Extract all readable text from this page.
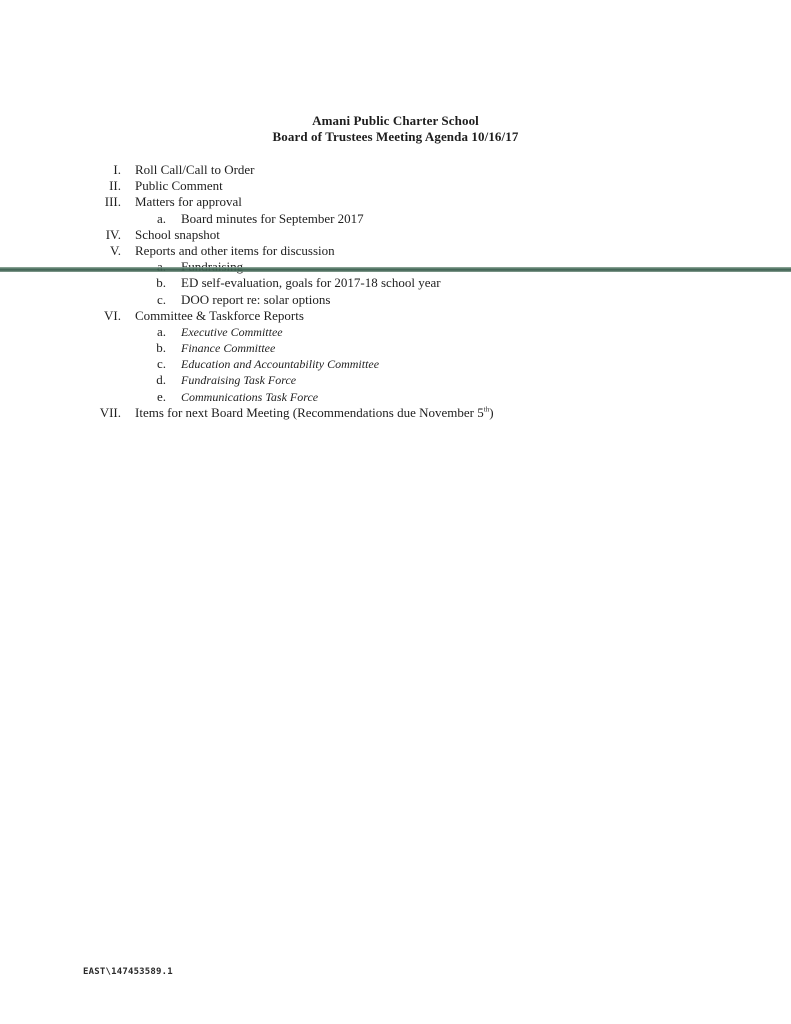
Amani Public Charter School
Board of Trustees Meeting Agenda 10/16/17
I. Roll Call/Call to Order
II. Public Comment
III. Matters for approval
a. Board minutes for September 2017
IV. School snapshot
V. Reports and other items for discussion
b. ED self-evaluation, goals for 2017-18 school year
c. DOO report re: solar options
VI. Committee & Taskforce Reports
a. Executive Committee
b. Finance Committee
c. Education and Accountability Committee
d. Fundraising Task Force
e. Communications Task Force
VII. Items for next Board Meeting (Recommendations due November 5th)
EAST\147453589.1
